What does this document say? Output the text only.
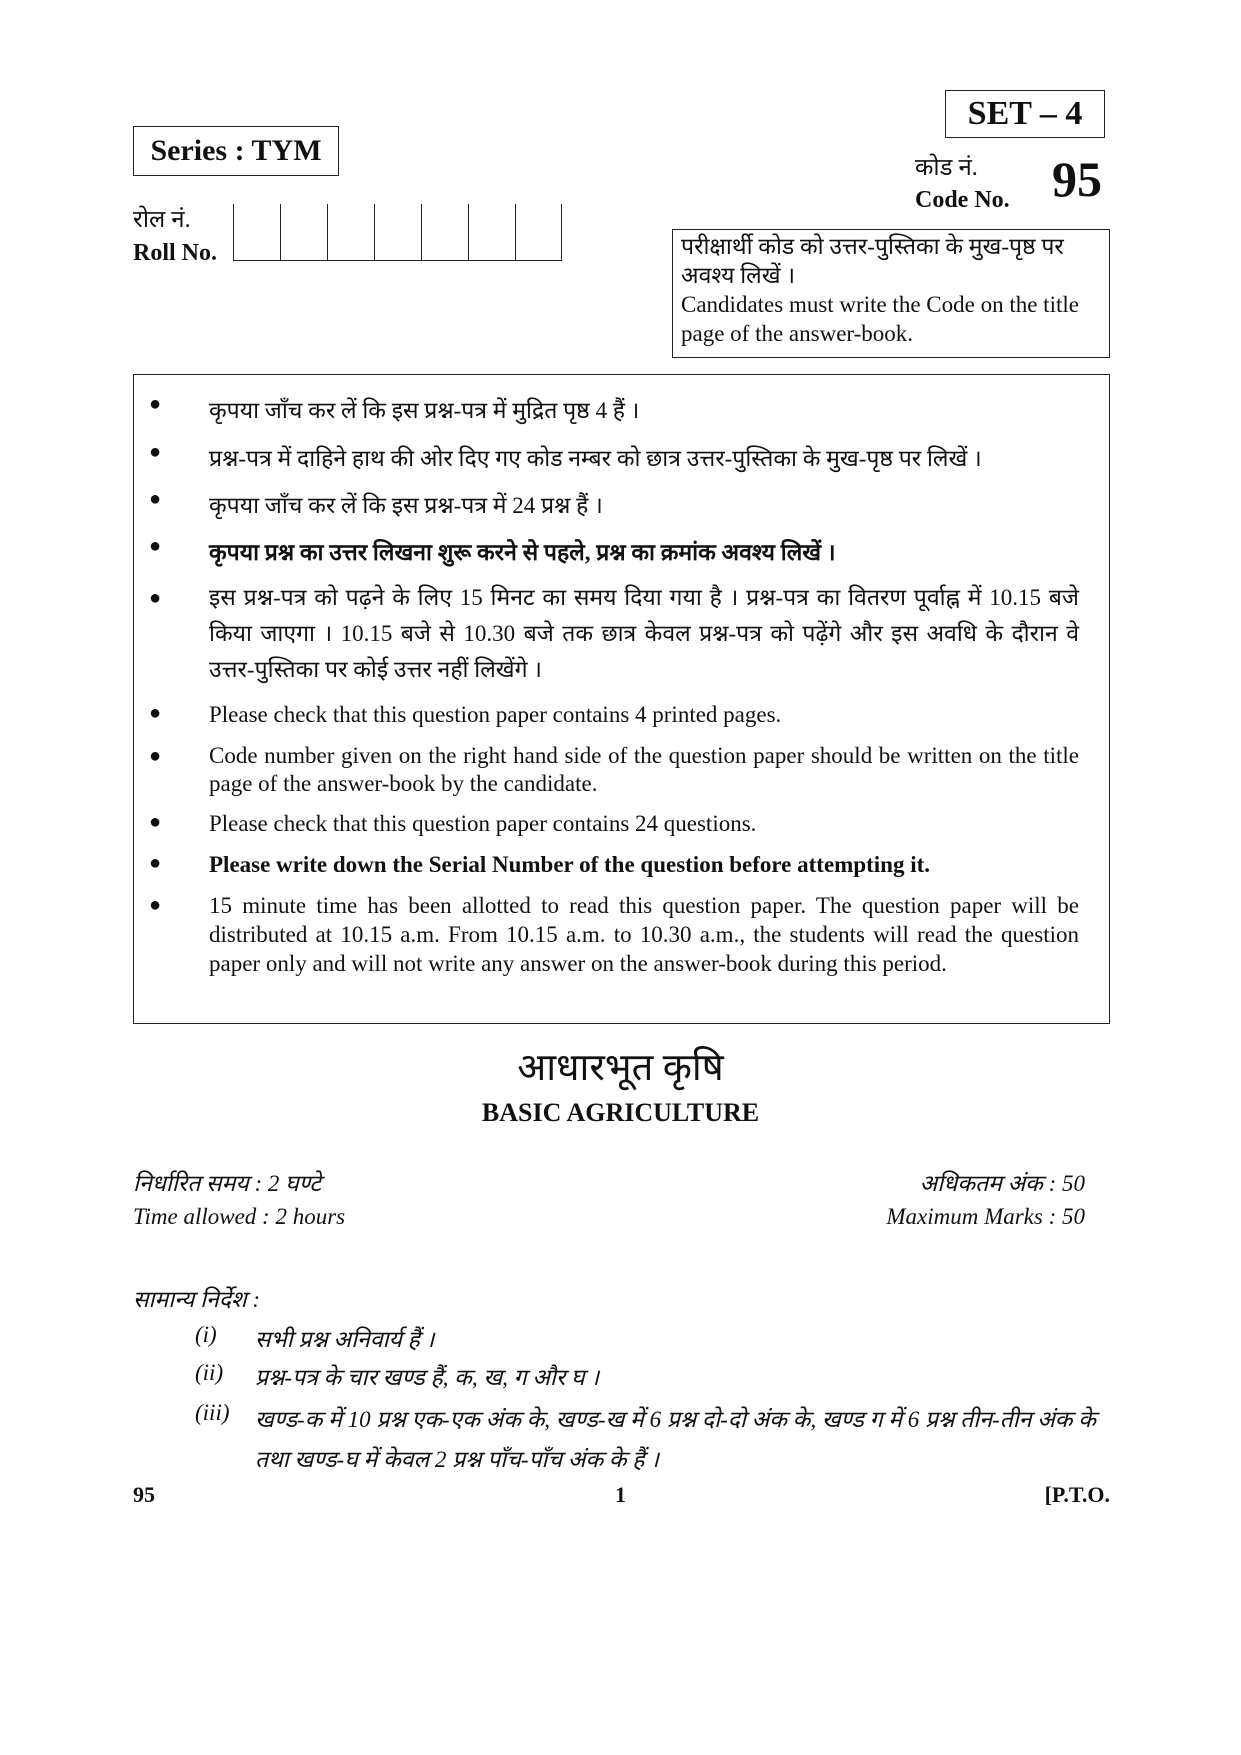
Series : TYM
SET – 4
कोड नं.
Code No. 95
रोल नं.
Roll No.	परीक्षार्थी कोड को उत्तर-पुस्तिका के मुख-पृष्ठ पर अवश्य लिखें ।
Candidates must write the Code on the title page of the answer-book.
● कृपया जाँच कर लें कि इस प्रश्न-पत्र में मुद्रित पृष्ठ 4 हैं ।
● प्रश्न-पत्र में दाहिने हाथ की ओर दिए गए कोड नम्बर को छात्र उत्तर-पुस्तिका के मुख-पृष्ठ पर लिखें ।
● कृपया जाँच कर लें कि इस प्रश्न-पत्र में 24 प्रश्न हैं ।
● कृपया प्रश्न का उत्तर लिखना शुरू करने से पहले, प्रश्न का क्रमांक अवश्य लिखें ।
● इस प्रश्न-पत्र को पढ़ने के लिए 15 मिनट का समय दिया गया है । प्रश्न-पत्र का वितरण पूर्वाह्न में 10.15 बजे किया जाएगा । 10.15 बजे से 10.30 बजे तक छात्र केवल प्रश्न-पत्र को पढ़ेंगे और इस अवधि के दौरान वे उत्तर-पुस्तिका पर कोई उत्तर नहीं लिखेंगे ।
● Please check that this question paper contains 4 printed pages.
● Code number given on the right hand side of the question paper should be written on the title page of the answer-book by the candidate.
● Please check that this question paper contains 24 questions.
● Please write down the Serial Number of the question before attempting it.
● 15 minute time has been allotted to read this question paper. The question paper will be distributed at 10.15 a.m. From 10.15 a.m. to 10.30 a.m., the students will read the question paper only and will not write any answer on the answer-book during this period.
आधारभूत कृषि
BASIC AGRICULTURE
निर्धारित समय : 2 घण्टे
Time allowed : 2 hours
अधिकतम अंक : 50
Maximum Marks : 50
सामान्य निर्देश :
(i) सभी प्रश्न अनिवार्य हैं ।
(ii) प्रश्न-पत्र के चार खण्ड हैं, क, ख, ग और घ ।
(iii) खण्ड-क में 10 प्रश्न एक-एक अंक के, खण्ड-ख में 6 प्रश्न दो-दो अंक के, खण्ड ग में 6 प्रश्न तीन-तीन अंक के तथा खण्ड-घ में केवल 2 प्रश्न पाँच-पाँच अंक के हैं ।
95	1	[P.T.O.
